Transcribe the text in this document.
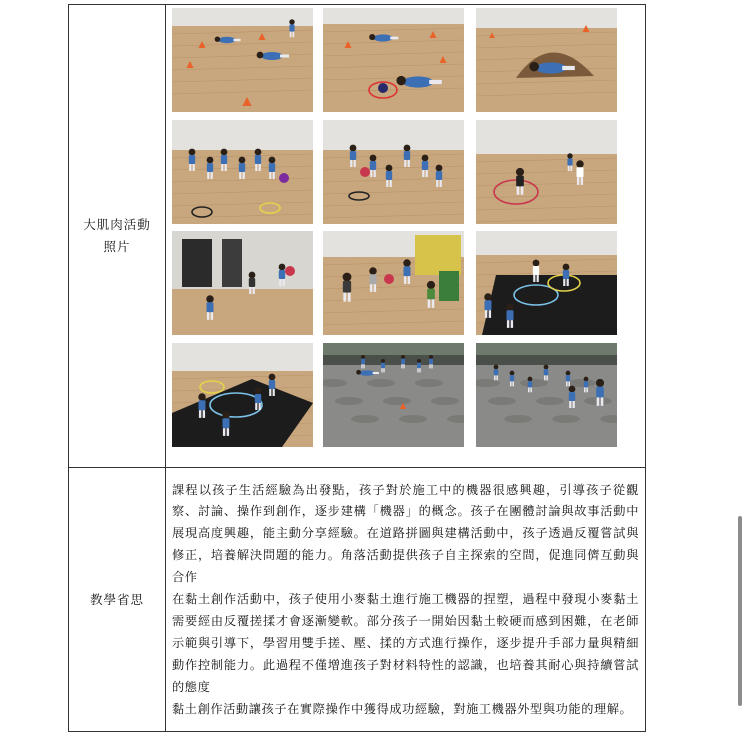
大肌肉活動
照片

教學省思	課程以孩子生活經驗為出發點，孩子對於施工中的機器很感興趣，引導孩子從觀察、討論、操作到創作，逐步建構「機器」的概念。孩子在團體討論與故事活動中展現高度興趣，能主動分享經驗。在道路拼圖與建構活動中，孩子透過反覆嘗試與修正，培養解決問題的能力。角落活動提供孩子自主探索的空間，促進同儕互動與合作

在黏土創作活動中，孩子使用小麥黏土進行施工機器的捏塑，過程中發現小麥黏土需要經由反覆搓揉才會逐漸變軟。部分孩子一開始因黏土較硬而感到困難，在老師示範與引導下，學習用雙手搓、壓、揉的方式進行操作，逐步提升手部力量與精細動作控制能力。此過程不僅增進孩子對材料特性的認識，也培養其耐心與持續嘗試的態度

黏土創作活動讓孩子在實際操作中獲得成功經驗，對施工機器外型與功能的理解。
